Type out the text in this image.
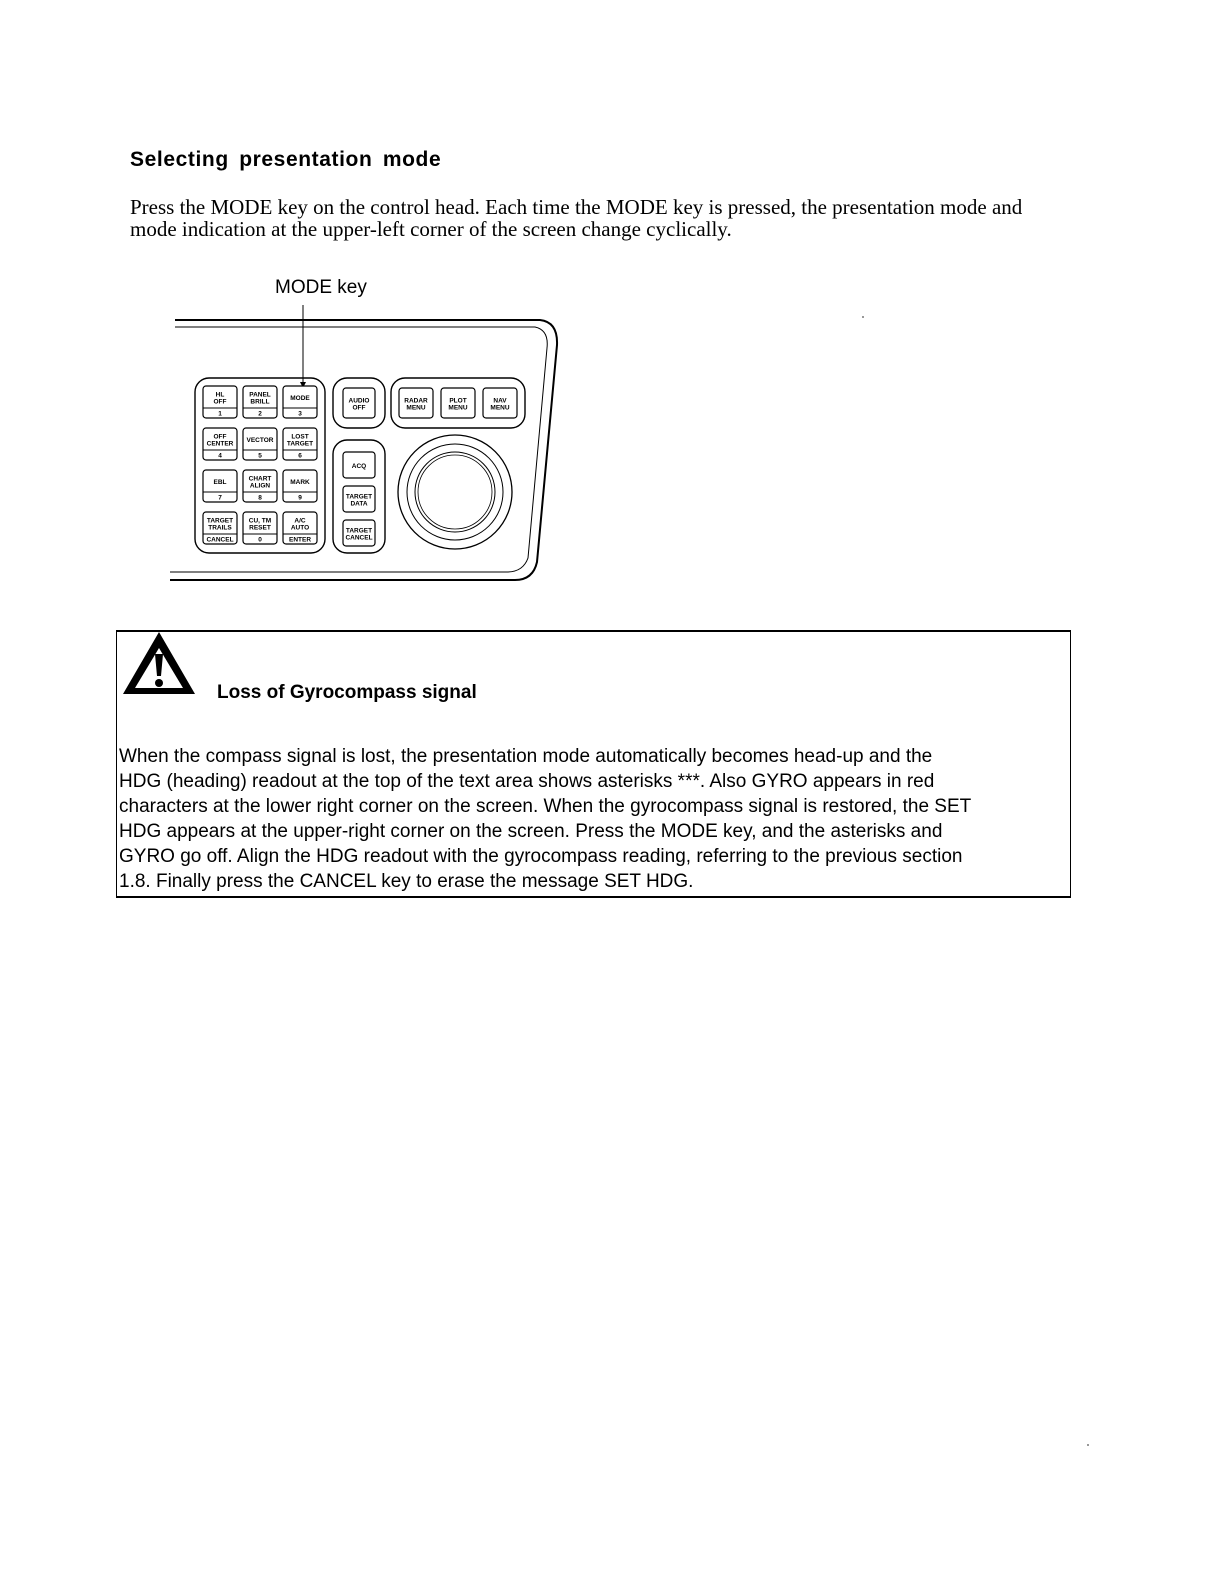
Selecting presentation mode

Press the MODE key on the control head. Each time the MODE key is pressed, the presentation mode and mode indication at the upper-left corner of the screen change cyclically.

MODE key
HL
OFF
1
PANEL
BRILL
2
MODE
3
OFF
CENTER
4
VECTOR
5
LOST
TARGET
6
EBL
7
CHART
ALIGN
8
MARK
9
TARGET
TRAILS
CANCEL
CU, TM
RESET
0
A/C
AUTO
ENTER
AUDIO
OFF
RADAR
MENU
PLOT
MENU
NAV
MENU
ACQ
TARGET
DATA
TARGET
CANCEL
Loss of Gyrocompass signal
When the compass signal is lost, the presentation mode automatically becomes head-up and the
HDG (heading) readout at the top of the text area shows asterisks ***. Also GYRO appears in red
characters at the lower right corner on the screen. When the gyrocompass signal is restored, the SET
HDG appears at the upper-right corner on the screen. Press the MODE key, and the asterisks and
GYRO go off. Align the HDG readout with the gyrocompass reading, referring to the previous section
1.8. Finally press the CANCEL key to erase the message SET HDG.
